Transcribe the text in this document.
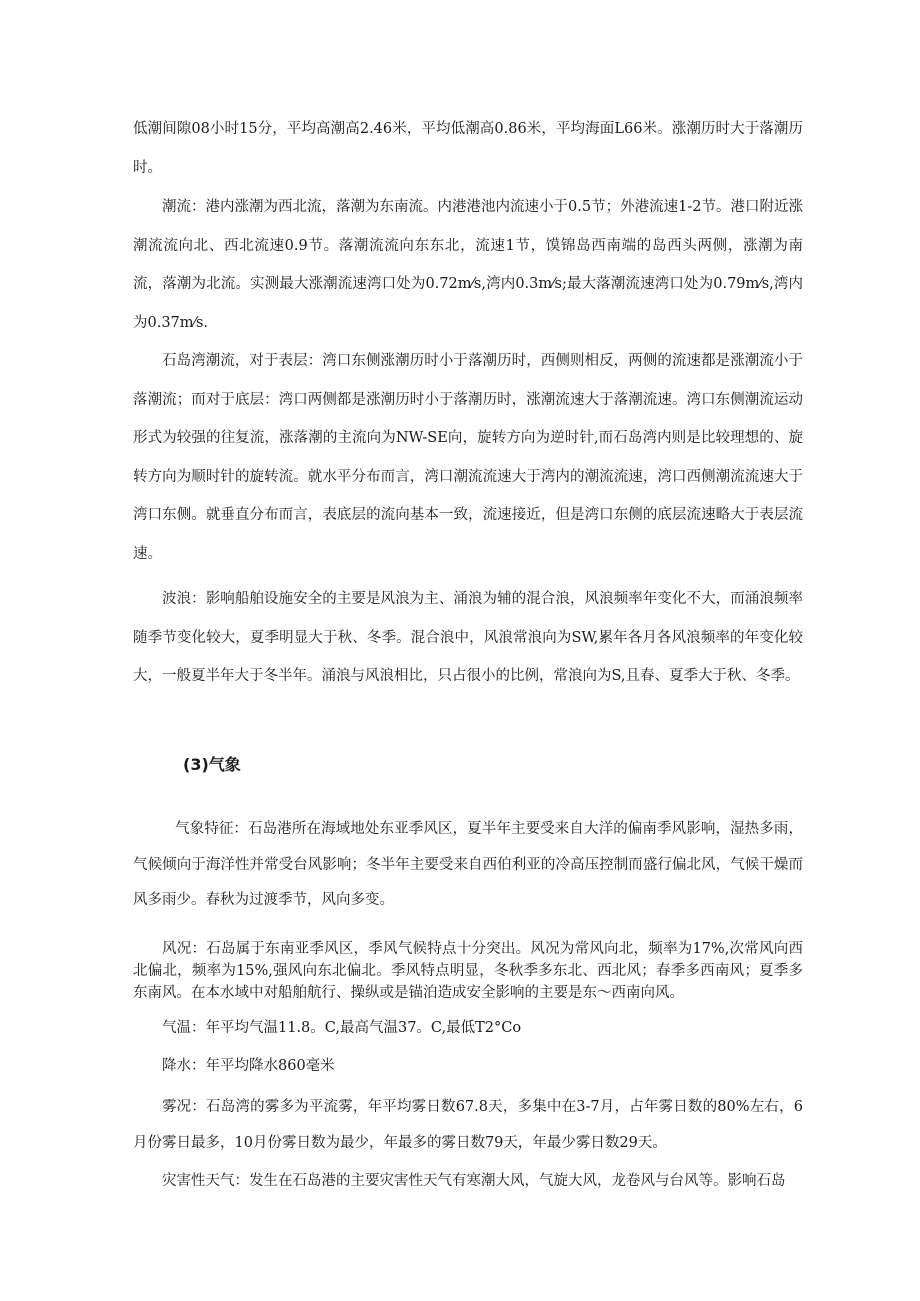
低潮间隙08小时15分，平均高潮高2.46米，平均低潮高0.86米，平均海面L66米。涨潮历时大于落潮历时。

潮流：港内涨潮为西北流，落潮为东南流。内港港池内流速小于0.5节；外港流速1-2节。港口附近涨潮流流向北、西北流速0.9节。落潮流流向东东北，流速1节，馍锦岛西南端的岛西头两侧，涨潮为南流，落潮为北流。实测最大涨潮流速湾口处为0.72m⁄s,湾内0.3m⁄s;最大落潮流速湾口处为0.79m⁄s,湾内为0.37m⁄s.

石岛湾潮流，对于表层：湾口东侧涨潮历时小于落潮历时，西侧则相反，两侧的流速都是涨潮流小于落潮流；而对于底层：湾口两侧都是涨潮历时小于落潮历时，涨潮流速大于落潮流速。湾口东侧潮流运动形式为较强的往复流，涨落潮的主流向为NW-SE向，旋转方向为逆时针,而石岛湾内则是比较理想的、旋转方向为顺时针的旋转流。就水平分布而言，湾口潮流流速大于湾内的潮流流速，湾口西侧潮流流速大于湾口东侧。就垂直分布而言，表底层的流向基本一致，流速接近，但是湾口东侧的底层流速略大于表层流速。

波浪：影响船舶设施安全的主要是风浪为主、涌浪为辅的混合浪，风浪频率年变化不大，而涌浪频率随季节变化较大，夏季明显大于秋、冬季。混合浪中，风浪常浪向为SW,累年各月各风浪频率的年变化较大，一般夏半年大于冬半年。涌浪与风浪相比，只占很小的比例，常浪向为S,且春、夏季大于秋、冬季。

(3)气象

气象特征：石岛港所在海域地处东亚季风区，夏半年主要受来自大洋的偏南季风影响，湿热多雨，气候倾向于海洋性并常受台风影响；冬半年主要受来自西伯利亚的冷高压控制而盛行偏北风，气候干燥而风多雨少。春秋为过渡季节，风向多变。

风况：石岛属于东南亚季风区，季风气候特点十分突出。风况为常风向北，频率为17%,次常风向西北偏北，频率为15%,强风向东北偏北。季风特点明显，冬秋季多东北、西北风；春季多西南风；夏季多东南风。在本水域中对船舶航行、操纵或是锚泊造成安全影响的主要是东～西南向风。

气温：年平均气温11.8。C,最高气温37。C,最低T2°Co

降水：年平均降水860毫米

雾况：石岛湾的雾多为平流雾，年平均雾日数67.8天，多集中在3-7月，占年雾日数的80%左右，6月份雾日最多，10月份雾日数为最少，年最多的雾日数79天，年最少雾日数29天。

灾害性天气：发生在石岛港的主要灾害性天气有寒潮大风，气旋大风，龙卷风与台风等。影响石岛
